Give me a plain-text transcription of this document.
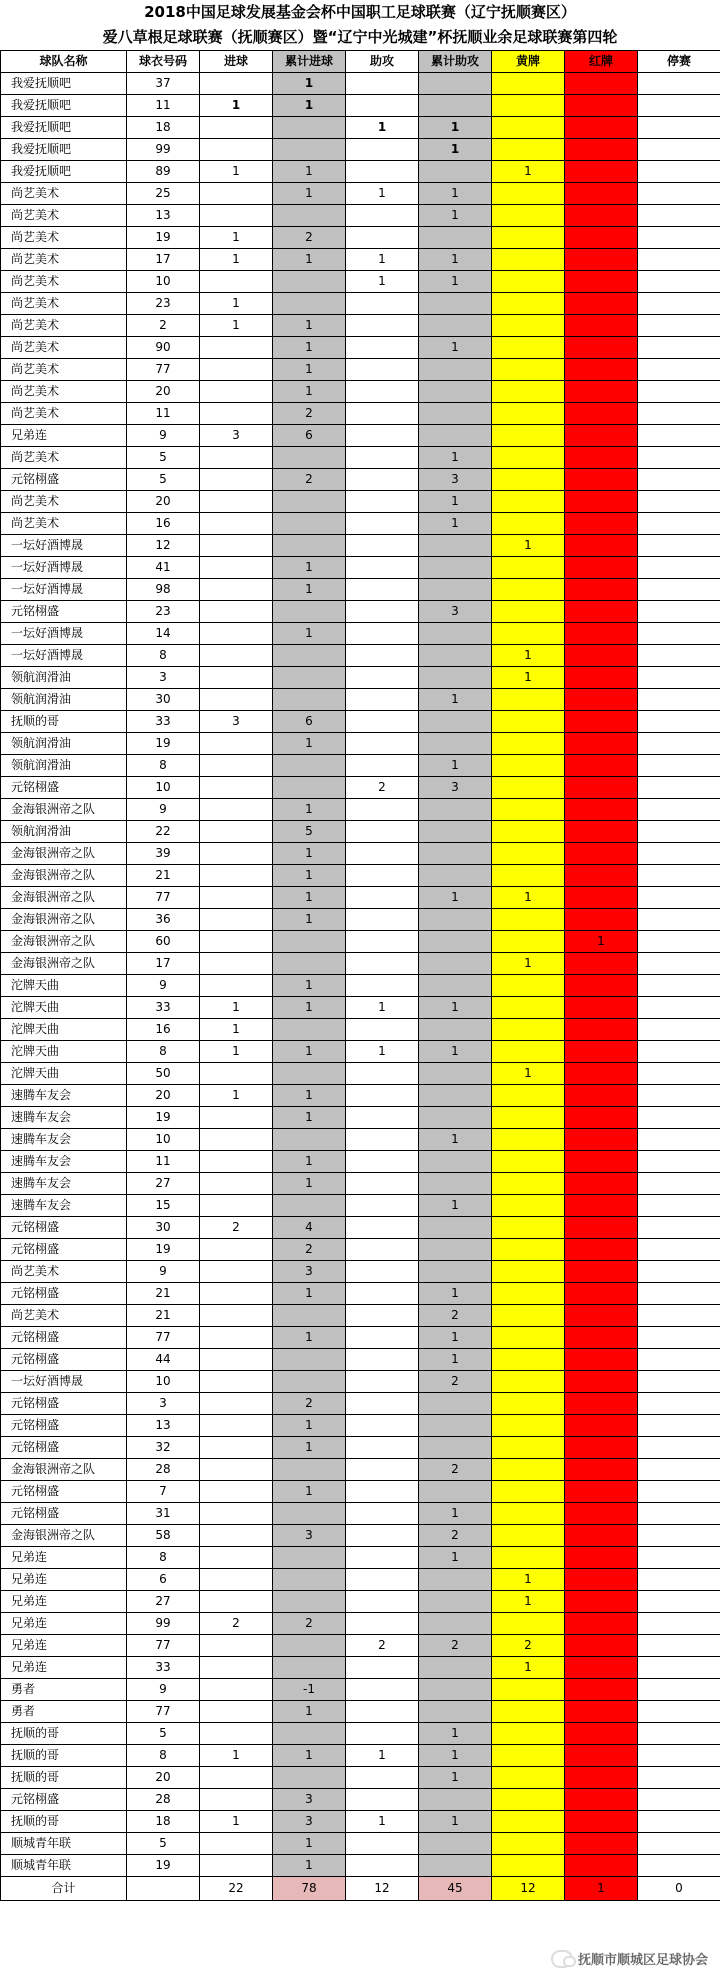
2018中国足球发展基金会杯中国职工足球联赛（辽宁抚顺赛区）
爱八草根足球联赛（抚顺赛区）暨“辽宁中光城建”杯抚顺业余足球联赛第四轮
球队名称	球衣号码	进球	累计进球	助攻	累计助攻	黄牌	红牌	停赛
我爱抚顺吧	37		1					
我爱抚顺吧	11	1	1					
我爱抚顺吧	18			1	1			
我爱抚顺吧	99				1			
我爱抚顺吧	89	1	1			1		
尚艺美术	25		1	1	1			
尚艺美术	13				1			
尚艺美术	19	1	2					
尚艺美术	17	1	1	1	1			
尚艺美术	10			1	1			
尚艺美术	23	1						
尚艺美术	2	1	1					
尚艺美术	90		1		1			
尚艺美术	77		1					
尚艺美术	20		1					
尚艺美术	11		2					
兄弟连	9	3	6					
尚艺美术	5				1			
元铭栩盛	5		2		3			
尚艺美术	20				1			
尚艺美术	16				1			
一坛好酒博晟	12					1		
一坛好酒博晟	41		1					
一坛好酒博晟	98		1					
元铭栩盛	23				3			
一坛好酒博晟	14		1					
一坛好酒博晟	8					1		
领航润滑油	3					1		
领航润滑油	30				1			
抚顺的哥	33	3	6					
领航润滑油	19		1					
领航润滑油	8				1			
元铭栩盛	10			2	3			
金海银洲帝之队	9		1					
领航润滑油	22		5					
金海银洲帝之队	39		1					
金海银洲帝之队	21		1					
金海银洲帝之队	77		1		1	1		
金海银洲帝之队	36		1					
金海银洲帝之队	60						1	
金海银洲帝之队	17					1		
沱牌天曲	9		1					
沱牌天曲	33	1	1	1	1			
沱牌天曲	16	1						
沱牌天曲	8	1	1	1	1			
沱牌天曲	50					1		
速腾车友会	20	1	1					
速腾车友会	19		1					
速腾车友会	10				1			
速腾车友会	11		1					
速腾车友会	27		1					
速腾车友会	15				1			
元铭栩盛	30	2	4					
元铭栩盛	19		2					
尚艺美术	9		3					
元铭栩盛	21		1		1			
尚艺美术	21				2			
元铭栩盛	77		1		1			
元铭栩盛	44				1			
一坛好酒博晟	10				2			
元铭栩盛	3		2					
元铭栩盛	13		1					
元铭栩盛	32		1					
金海银洲帝之队	28				2			
元铭栩盛	7		1					
元铭栩盛	31				1			
金海银洲帝之队	58		3		2			
兄弟连	8				1			
兄弟连	6					1		
兄弟连	27					1		
兄弟连	99	2	2					
兄弟连	77			2	2	2		
兄弟连	33					1		
勇者	9		-1					
勇者	77		1					
抚顺的哥	5				1			
抚顺的哥	8	1	1	1	1			
抚顺的哥	20				1			
元铭栩盛	28		3					
抚顺的哥	18	1	3	1	1			
顺城青年联	5		1					
顺城青年联	19		1					
合计		22	78	12	45	12	1	0
抚顺市顺城区足球协会
